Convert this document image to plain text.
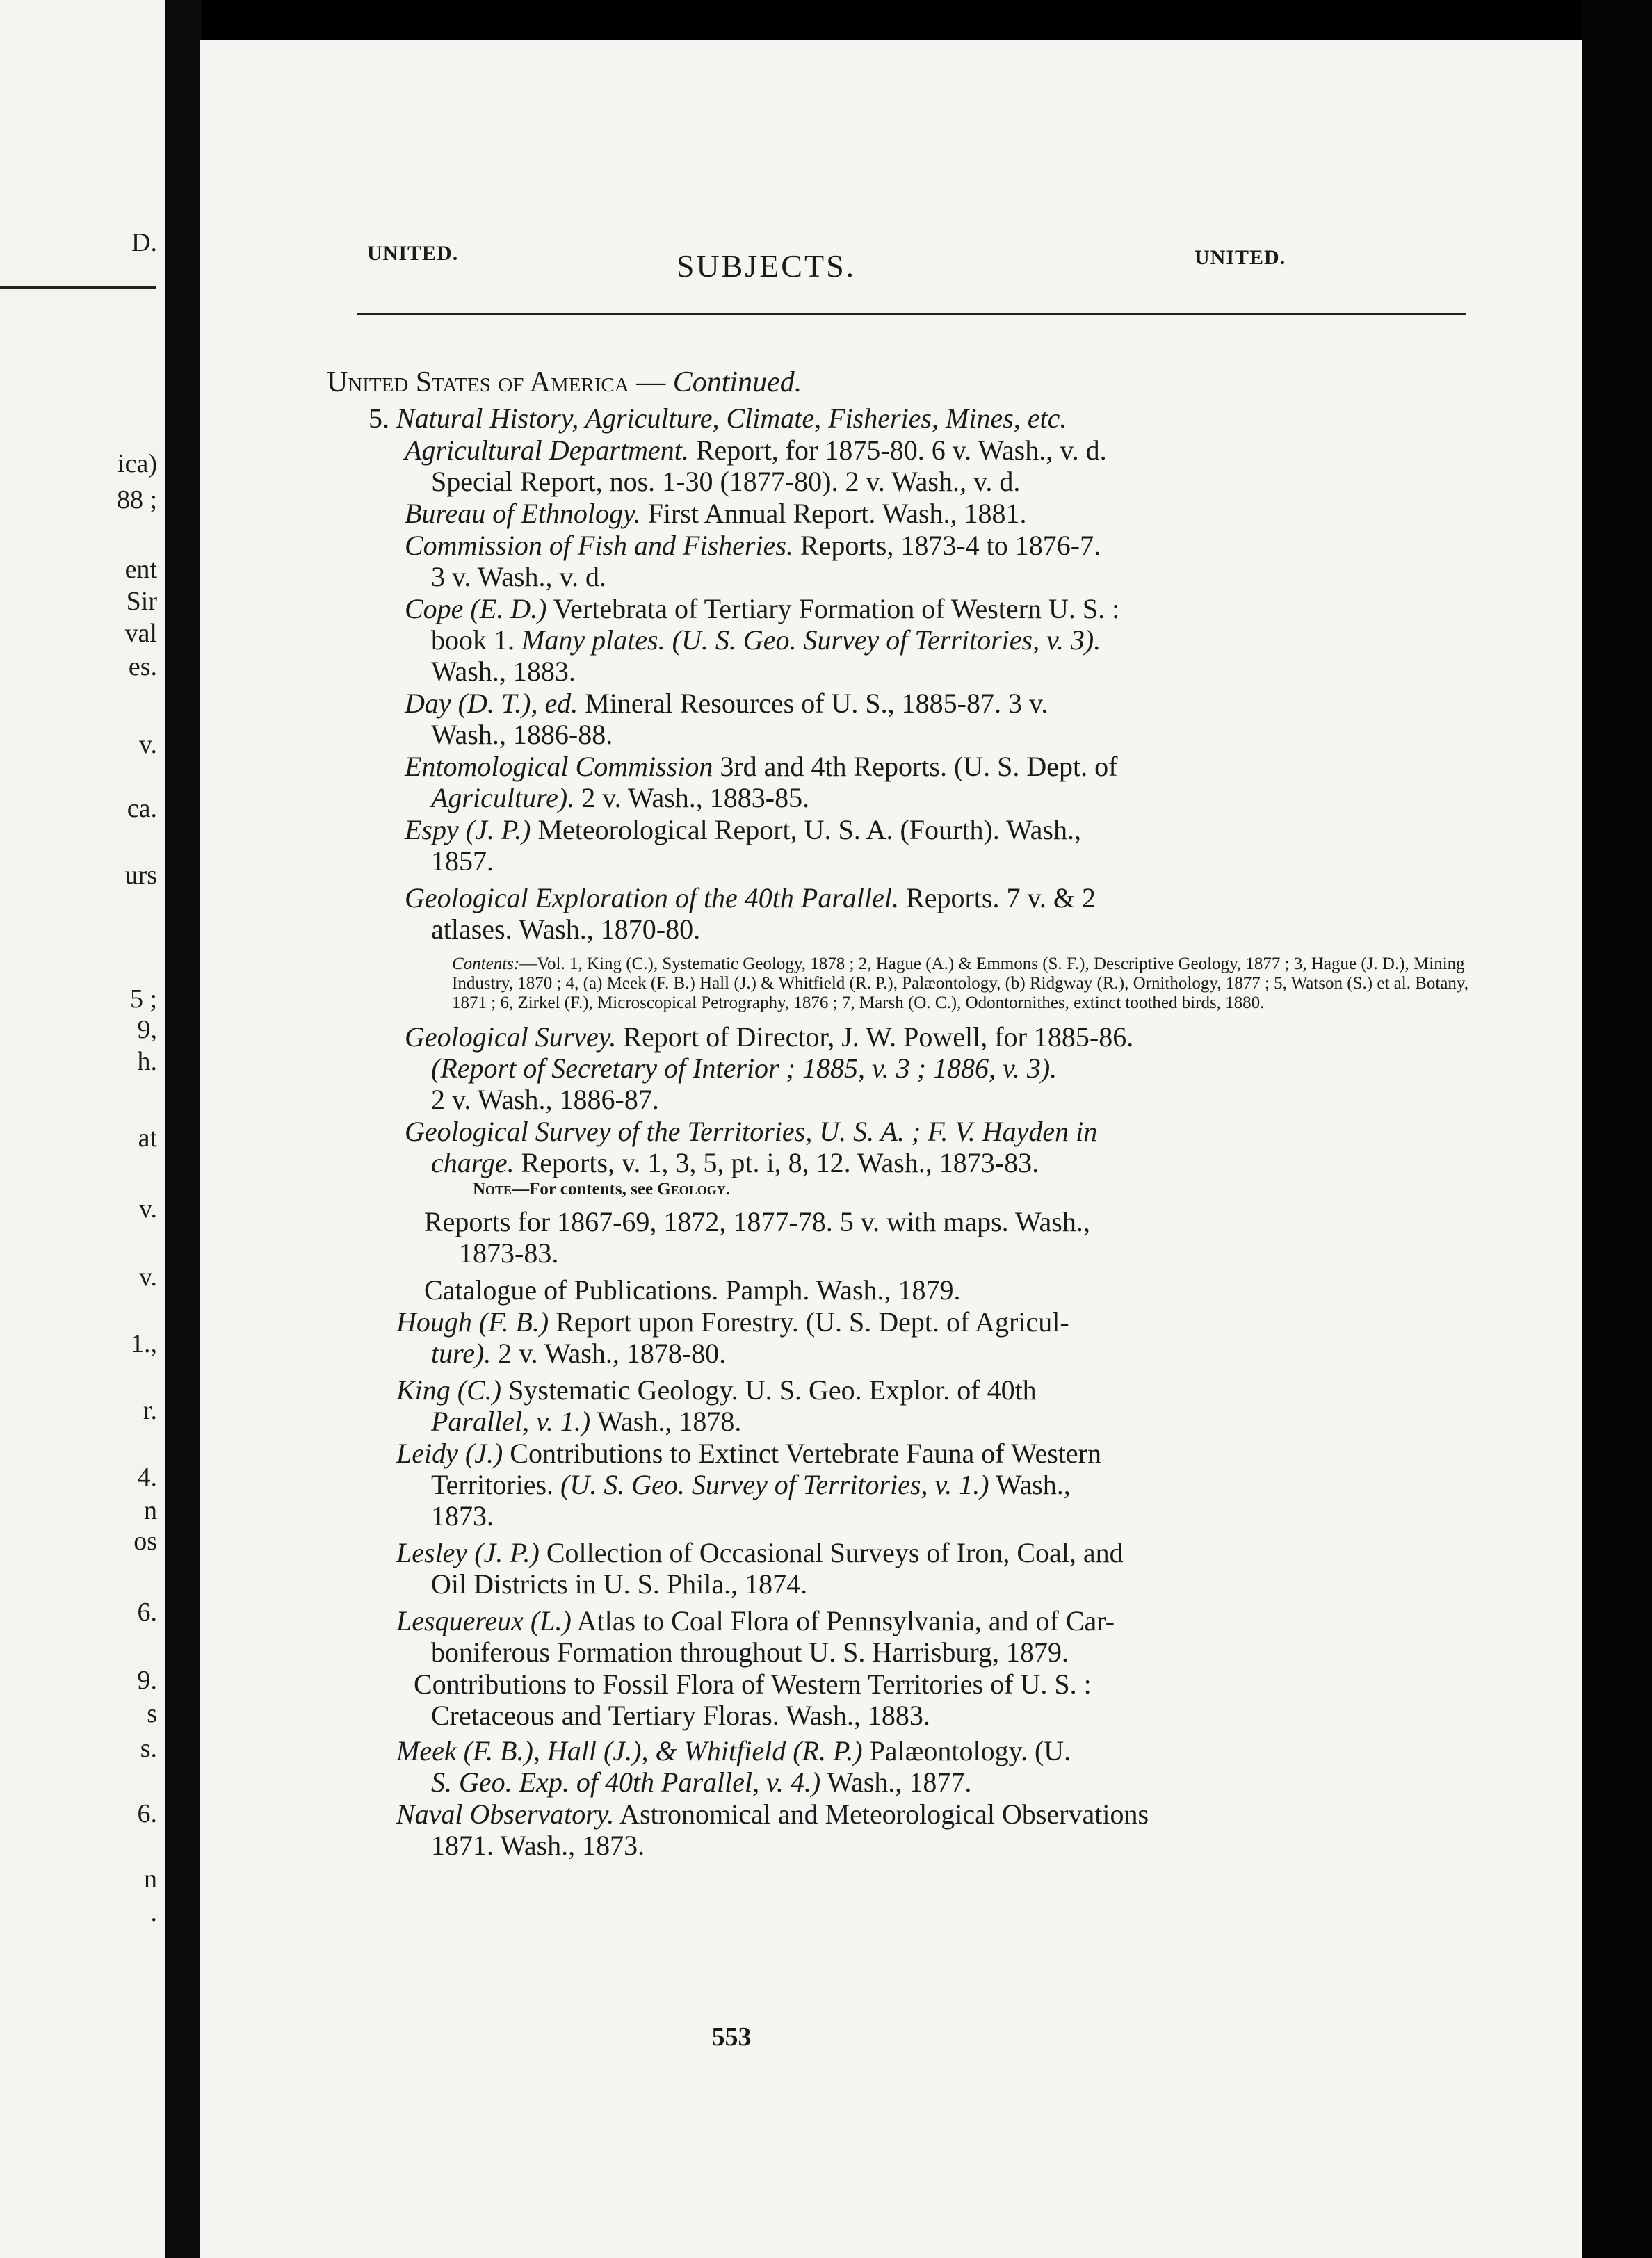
D.
ica)
88 ;
ent
Sir
val
es.
v.
ca.
urs
5 ;
9,
h.
at
v.
v.
1.,
r.
4.
n
os
6.
9.
s
s.
6.
n
.
UNITED.	SUBJECTS.	UNITED.
United States of America — Continued.
5. Natural History, Agriculture, Climate, Fisheries, Mines, etc.
Agricultural Department. Report, for 1875-80. 6 v. Wash., v. d.
Special Report, nos. 1-30 (1877-80). 2 v. Wash., v. d.
Bureau of Ethnology. First Annual Report. Wash., 1881.
Commission of Fish and Fisheries. Reports, 1873-4 to 1876-7.
3 v. Wash., v. d.
Cope (E. D.) Vertebrata of Tertiary Formation of Western U. S. :
book 1. Many plates. (U. S. Geo. Survey of Territories, v. 3).
Wash., 1883.
Day (D. T.), ed. Mineral Resources of U. S., 1885-87. 3 v.
Wash., 1886-88.
Entomological Commission 3rd and 4th Reports. (U. S. Dept. of
Agriculture). 2 v. Wash., 1883-85.
Espy (J. P.) Meteorological Report, U. S. A. (Fourth). Wash.,
1857.
Geological Exploration of the 40th Parallel. Reports. 7 v. & 2
atlases. Wash., 1870-80.
Contents:—Vol. 1, King (C.), Systematic Geology, 1878 ; 2, Hague (A.) & Emmons (S. F.), Descriptive Geology, 1877 ; 3, Hague (J. D.), Mining Industry, 1870 ; 4, (a) Meek (F. B.) Hall (J.) & Whitfield (R. P.), Palæontology, (b) Ridgway (R.), Ornithology, 1877 ; 5, Watson (S.) et al. Botany, 1871 ; 6, Zirkel (F.), Microscopical Petrography, 1876 ; 7, Marsh (O. C.), Odontornithes, extinct toothed birds, 1880.
Geological Survey. Report of Director, J. W. Powell, for 1885-86.
(Report of Secretary of Interior ; 1885, v. 3 ; 1886, v. 3).
2 v. Wash., 1886-87.
Geological Survey of the Territories, U. S. A. ; F. V. Hayden in
charge. Reports, v. 1, 3, 5, pt. i, 8, 12. Wash., 1873-83.
Note—For contents, see Geology.
Reports for 1867-69, 1872, 1877-78. 5 v. with maps. Wash.,
1873-83.
Catalogue of Publications. Pamph. Wash., 1879.
Hough (F. B.) Report upon Forestry. (U. S. Dept. of Agricul-
ture). 2 v. Wash., 1878-80.
King (C.) Systematic Geology. U. S. Geo. Explor. of 40th
Parallel, v. 1.) Wash., 1878.
Leidy (J.) Contributions to Extinct Vertebrate Fauna of Western
Territories. (U. S. Geo. Survey of Territories, v. 1.) Wash.,
1873.
Lesley (J. P.) Collection of Occasional Surveys of Iron, Coal, and
Oil Districts in U. S. Phila., 1874.
Lesquereux (L.) Atlas to Coal Flora of Pennsylvania, and of Car-
boniferous Formation throughout U. S. Harrisburg, 1879.
Contributions to Fossil Flora of Western Territories of U. S. :
Cretaceous and Tertiary Floras. Wash., 1883.
Meek (F. B.), Hall (J.), & Whitfield (R. P.) Palæontology. (U.
S. Geo. Exp. of 40th Parallel, v. 4.) Wash., 1877.
Naval Observatory. Astronomical and Meteorological Observations
1871. Wash., 1873.
553
